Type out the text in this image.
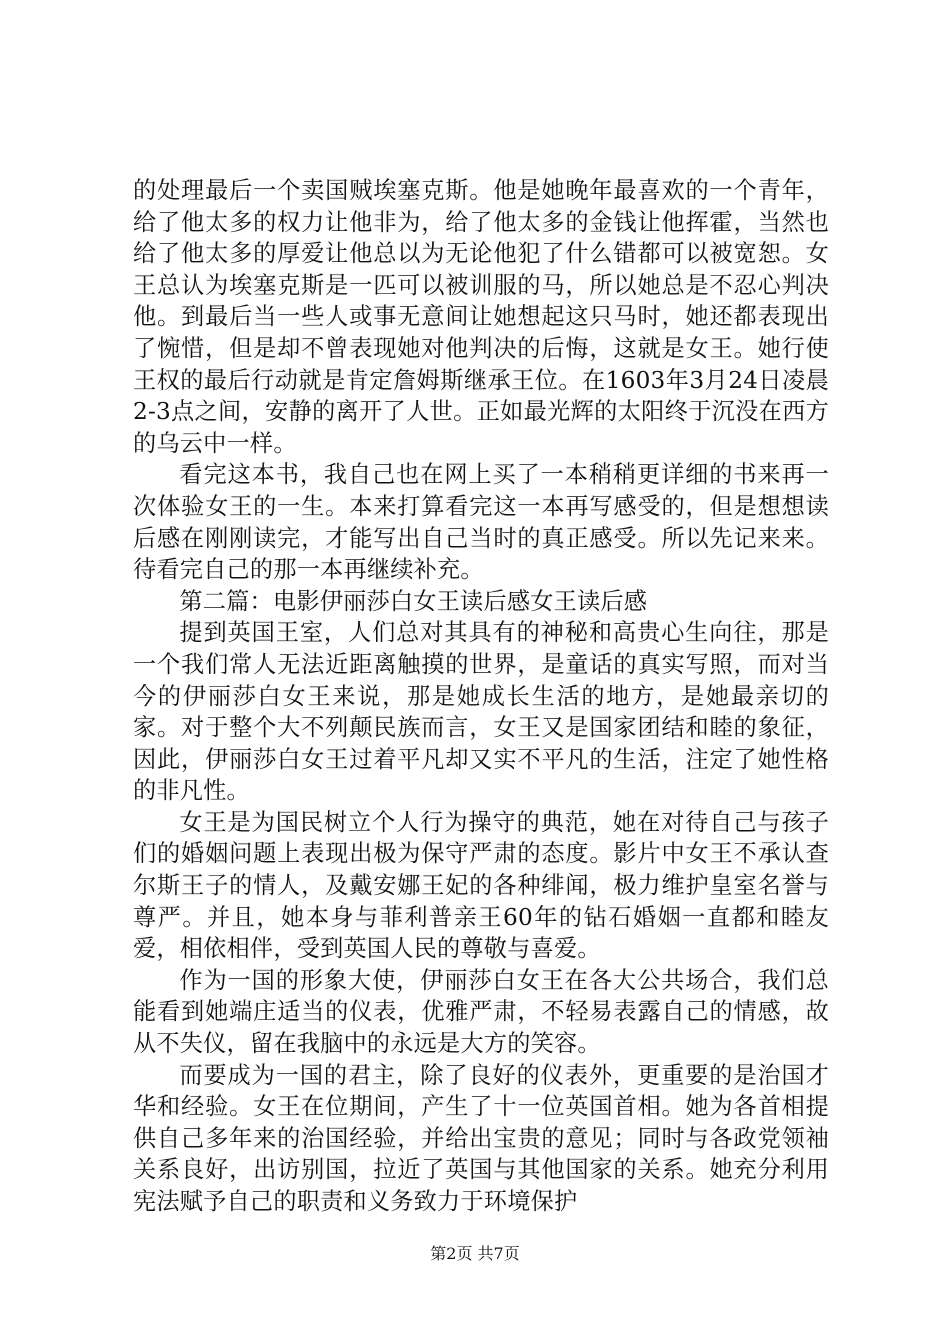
的处理最后一个卖国贼埃塞克斯。他是她晚年最喜欢的一个青年，给了他太多的权力让他非为，给了他太多的金钱让他挥霍，当然也给了他太多的厚爱让他总以为无论他犯了什么错都可以被宽恕。女王总认为埃塞克斯是一匹可以被训服的马，所以她总是不忍心判决他。到最后当一些人或事无意间让她想起这只马时，她还都表现出了惋惜，但是却不曾表现她对他判决的后悔，这就是女王。她行使王权的最后行动就是肯定詹姆斯继承王位。在1603年3月24日凌晨2-3点之间，安静的离开了人世。正如最光辉的太阳终于沉没在西方的乌云中一样。

看完这本书，我自己也在网上买了一本稍稍更详细的书来再一次体验女王的一生。本来打算看完这一本再写感受的，但是想想读后感在刚刚读完，才能写出自己当时的真正感受。所以先记来来。待看完自己的那一本再继续补充。

第二篇：电影伊丽莎白女王读后感女王读后感

提到英国王室，人们总对其具有的神秘和高贵心生向往，那是一个我们常人无法近距离触摸的世界，是童话的真实写照，而对当今的伊丽莎白女王来说，那是她成长生活的地方，是她最亲切的家。对于整个大不列颠民族而言，女王又是国家团结和睦的象征，因此，伊丽莎白女王过着平凡却又实不平凡的生活，注定了她性格的非凡性。

女王是为国民树立个人行为操守的典范，她在对待自己与孩子们的婚姻问题上表现出极为保守严肃的态度。影片中女王不承认查尔斯王子的情人，及戴安娜王妃的各种绯闻，极力维护皇室名誉与尊严。并且，她本身与菲利普亲王60年的钻石婚姻一直都和睦友爱，相依相伴，受到英国人民的尊敬与喜爱。

作为一国的形象大使，伊丽莎白女王在各大公共场合，我们总能看到她端庄适当的仪表，优雅严肃，不轻易表露自己的情感，故从不失仪，留在我脑中的永远是大方的笑容。

而要成为一国的君主，除了良好的仪表外，更重要的是治国才华和经验。女王在位期间，产生了十一位英国首相。她为各首相提供自己多年来的治国经验，并给出宝贵的意见；同时与各政党领袖关系良好，出访别国，拉近了英国与其他国家的关系。她充分利用宪法赋予自己的职责和义务致力于环境保护

第2页 共7页
